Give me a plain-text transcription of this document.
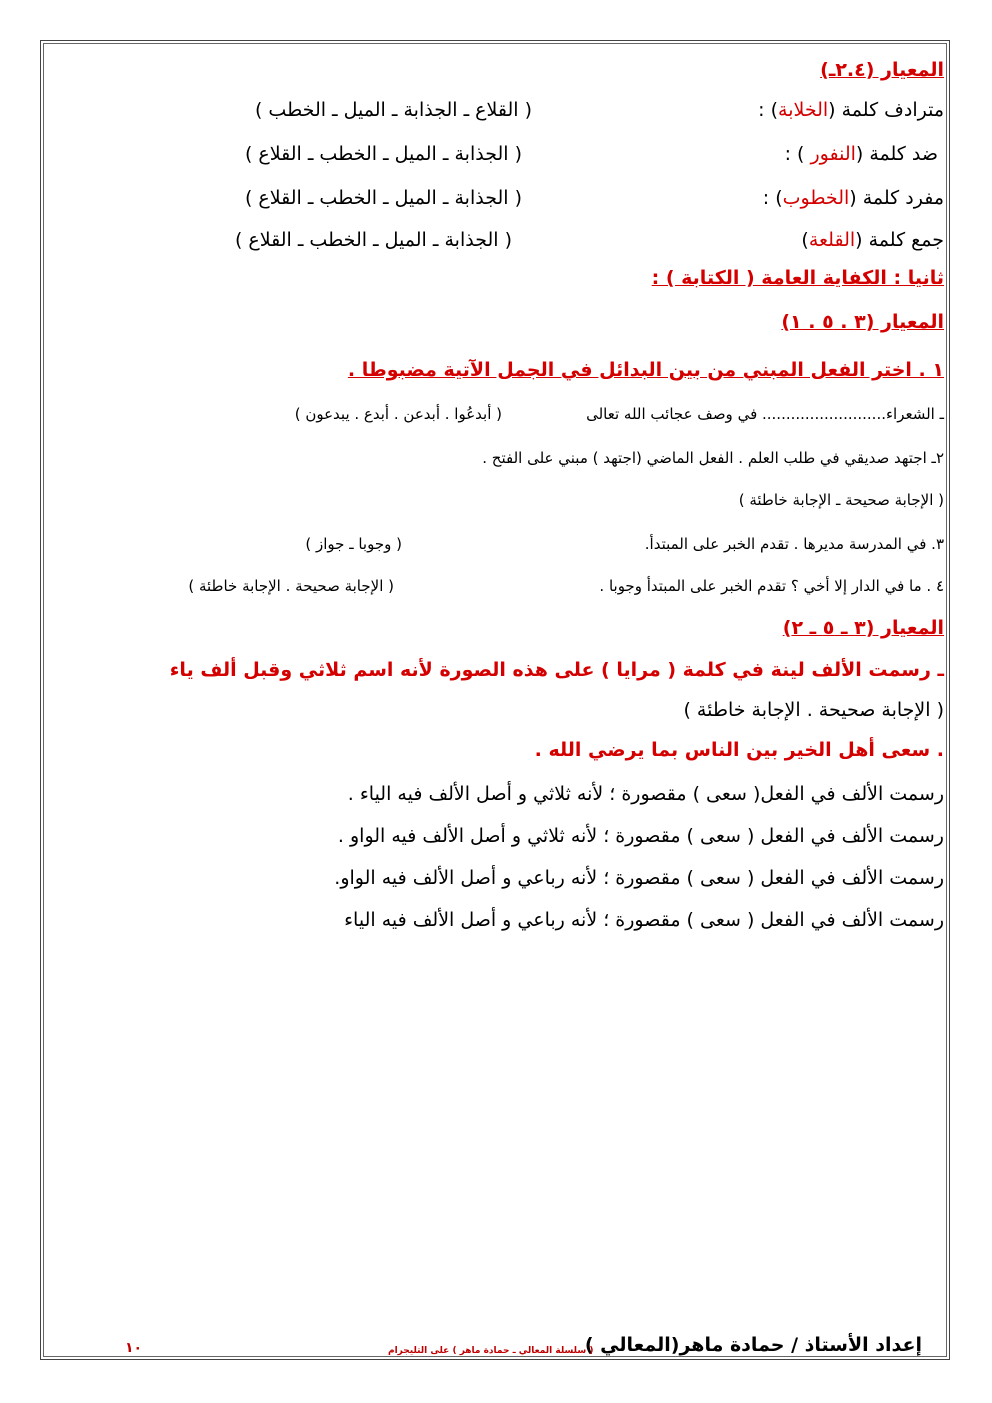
المعيار (٢.٤ـ)
مترادف كلمة (الخلابة) :
( القلاع ـ الجذابة ـ الميل ـ الخطب )
ضد كلمة (النفور ) :
( الجذابة ـ الميل ـ الخطب ـ القلاع )
مفرد كلمة (الخطوب) :
( الجذابة ـ الميل ـ الخطب ـ القلاع )
جمع كلمة (القلعة)
( الجذابة ـ الميل ـ الخطب ـ القلاع )
ثانيا : الكفاية العامة ( الكتابة ) :
المعيار (٣ . ٥ . ١)
١ . اختر الفعل المبني من بين البدائل في الجمل الآتية مضبوطا .
ـ الشعراء.......................... في وصف عجائب الله تعالى
( أبدعُوا . أبدعن . أبدع . يبدعون )
٢ـ اجتهد صديقي في طلب العلم . الفعل الماضي (اجتهد ) مبني على الفتح .
( الإجابة صحيحة ـ الإجابة خاطئة )
٣. في المدرسة مديرها . تقدم الخبر على المبتدأ.
( وجوبا ـ جواز )
٤ . ما في الدار إلا أخي ؟ تقدم الخبر على المبتدأ وجوبا .
( الإجابة صحيحة . الإجابة خاطئة )
المعيار (٣ ـ ٥ ـ ٢)
ـ رسمت الألف لينة في كلمة ( مرايا ) على هذه الصورة لأنه اسم ثلاثي وقبل ألف ياء
( الإجابة صحيحة . الإجابة خاطئة )
. سعى أهل الخير بين الناس بما يرضي الله .
رسمت الألف في الفعل( سعى ) مقصورة ؛ لأنه ثلاثي و أصل الألف فيه الياء .
رسمت الألف في الفعل ( سعى ) مقصورة ؛ لأنه ثلاثي و أصل الألف فيه الواو .
رسمت الألف في الفعل ( سعى ) مقصورة ؛ لأنه رباعي و أصل الألف فيه الواو.
رسمت الألف في الفعل ( سعى ) مقصورة ؛ لأنه رباعي و أصل الألف فيه الياء
إعداد الأستاذ / حمادة ماهر(المعالي )
( سلسلة المعالي ـ حمادة ماهر ) على التليجرام
١٠
